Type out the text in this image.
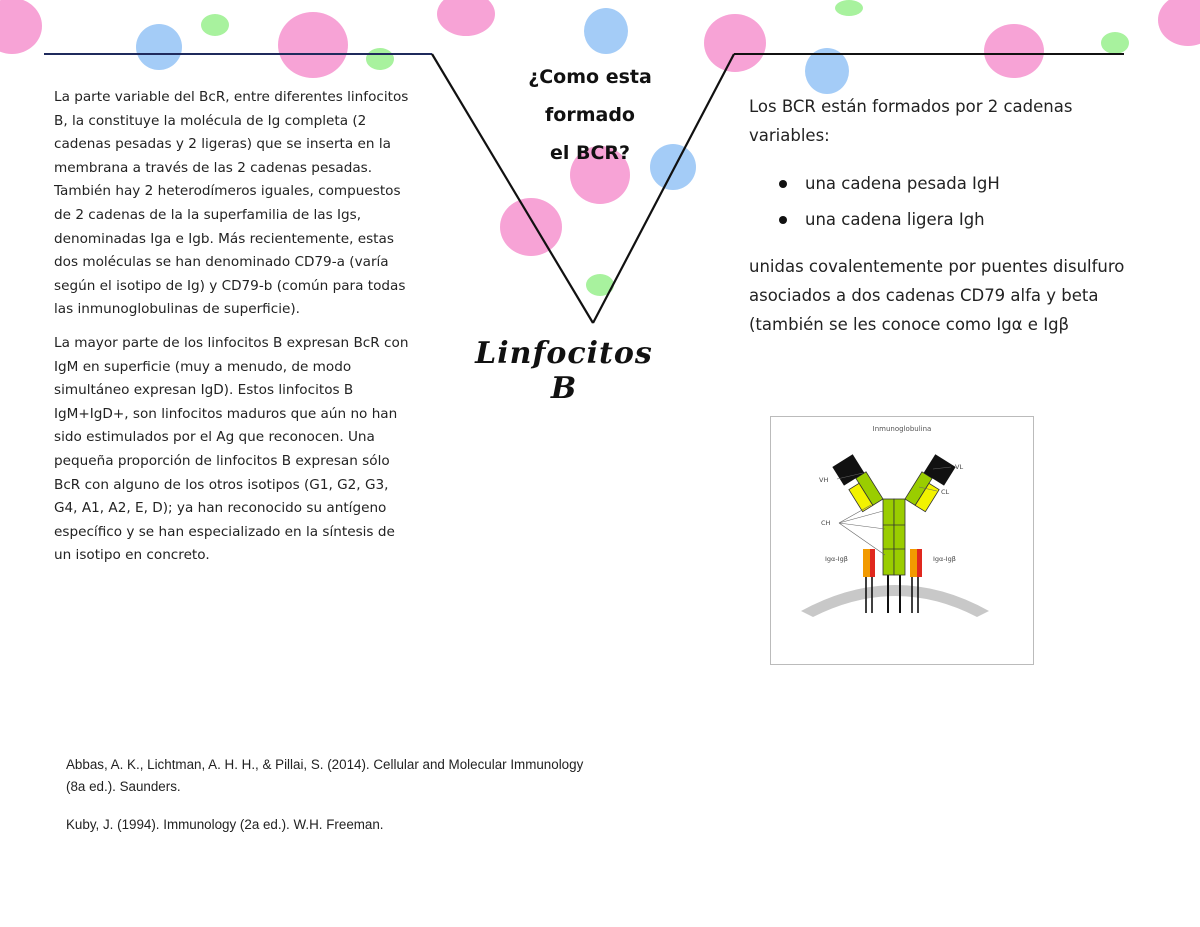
¿Como esta
formado
el BCR?
Linfocitos B

La parte variable del BcR, entre diferentes linfocitos B, la constituye la molécula de Ig completa (2 cadenas pesadas y 2 ligeras) que se inserta en la membrana a través de las 2 cadenas pesadas. También hay 2 heterodímeros iguales, compuestos de 2 cadenas de la la superfamilia de las Igs, denominadas Iga e Igb. Más recientemente, estas dos moléculas se han denominado CD79-a (varía según el isotipo de Ig) y CD79-b (común para todas las inmunoglobulinas de superficie).

La mayor parte de los linfocitos B expresan BcR con IgM en superficie (muy a menudo, de modo simultáneo expresan IgD). Estos linfocitos B IgM+IgD+, son linfocitos maduros que aún no han sido estimulados por el Ag que reconocen. Una pequeña proporción de linfocitos B expresan sólo BcR con alguno de los otros isotipos (G1, G2, G3, G4, A1, A2, E, D); ya han reconocido su antígeno específico y se han especializado en la síntesis de un isotipo en concreto.

Los BCR están formados por 2 cadenas variables:

una cadena pesada IgH
una cadena ligera Igh

unidas covalentemente por puentes disulfuro asociados a dos cadenas CD79 alfa y beta (también se les conoce como Igα e Igβ

Inmunoglobulina
VH
VL
CL
CH
Igα-Igβ	Igα-Igβ

Abbas, A. K., Lichtman, A. H. H., & Pillai, S. (2014). Cellular and Molecular Immunology (8a ed.). Saunders.

Kuby, J. (1994). Immunology (2a ed.). W.H. Freeman.
